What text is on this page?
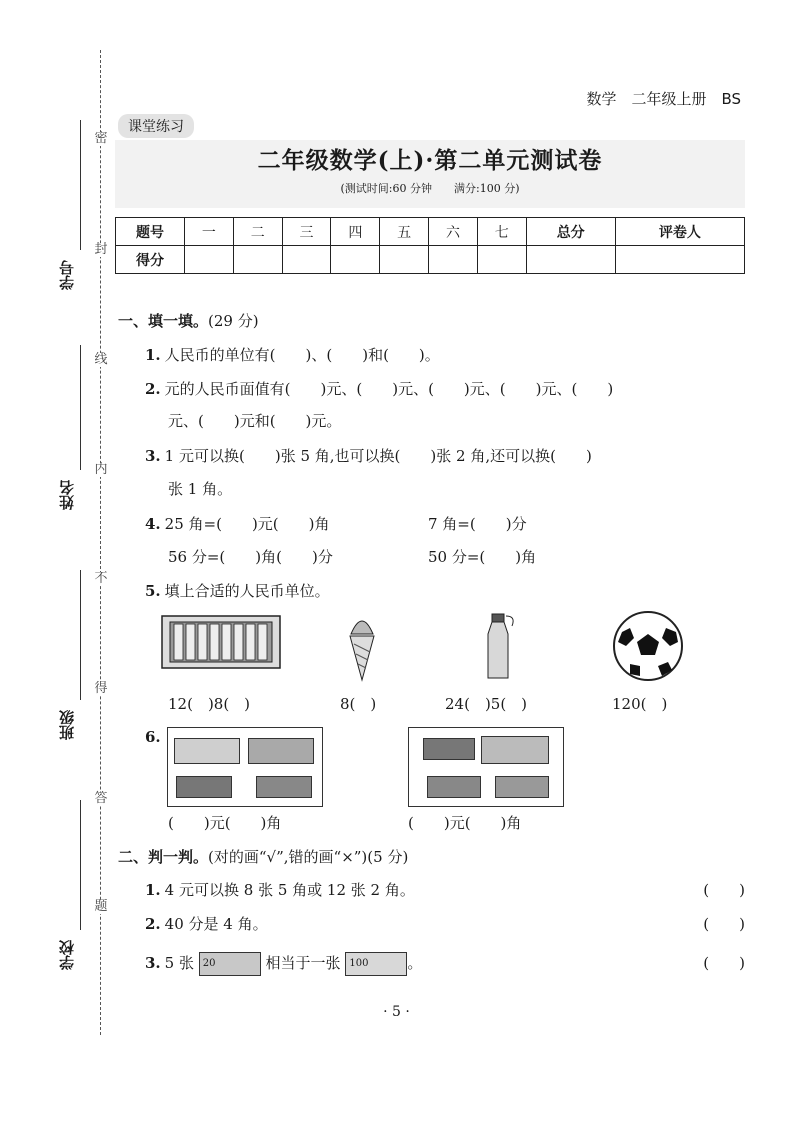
密
封
线
内
不
得
答
题
学号
姓名
班级
学校
数学　二年级上册　BS
课堂练习
二年级数学(上)·第二单元测试卷
(测试时间:60 分钟　　满分:100 分)
题号	一	二	三	四	五	六	七	总分	评卷人
得分									
一、填一填。(29 分)
1. 人民币的单位有(　　)、(　　)和(　　)。
2. 元的人民币面值有(　　)元、(　　)元、(　　)元、(　　)元、(　　)
元、(　　)元和(　　)元。
3. 1 元可以换(　　)张 5 角,也可以换(　　)张 2 角,还可以换(　　)
张 1 角。
4. 25 角=(　　)元(　　)角	7 角=(　　)分
56 分=(　　)角(　　)分	50 分=(　　)角
5. 填上合适的人民币单位。
12(　)8(　)	8(　)	24(　)5(　)	120(　)
6.
(　　)元(　　)角	(　　)元(　　)角
二、判一判。(对的画“√”,错的画“×”)(5 分)
1. 4 元可以换 8 张 5 角或 12 张 2 角。	(　　)
2. 40 分是 4 角。	(　　)
3. 5 张 20	相当于一张 100	。	(　　)
· 5 ·
